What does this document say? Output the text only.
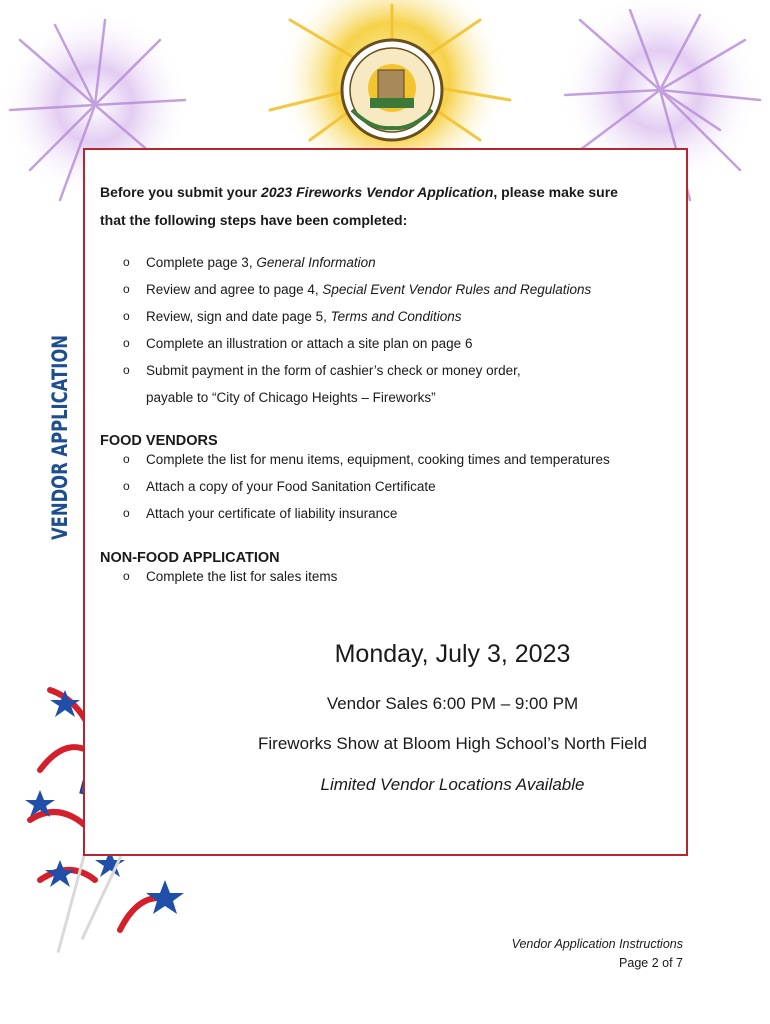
VENDOR APPLICATION
Before you submit your 2023 Fireworks Vendor Application, please make sure
that the following steps have been completed:
o Complete page 3, General Information
o Review and agree to page 4, Special Event Vendor Rules and Regulations
o Review, sign and date page 5, Terms and Conditions
o Complete an illustration or attach a site plan on page 6
o Submit payment in the form of cashier’s check or money order,
payable to “City of Chicago Heights – Fireworks”
FOOD VENDORS
o Complete the list for menu items, equipment, cooking times and temperatures
o Attach a copy of your Food Sanitation Certificate
o Attach your certificate of liability insurance
NON-FOOD APPLICATION
o Complete the list for sales items
Monday, July 3, 2023
Vendor Sales 6:00 PM – 9:00 PM
Fireworks Show at Bloom High School’s North Field
Limited Vendor Locations Available
Vendor Application Instructions
Page 2 of 7
